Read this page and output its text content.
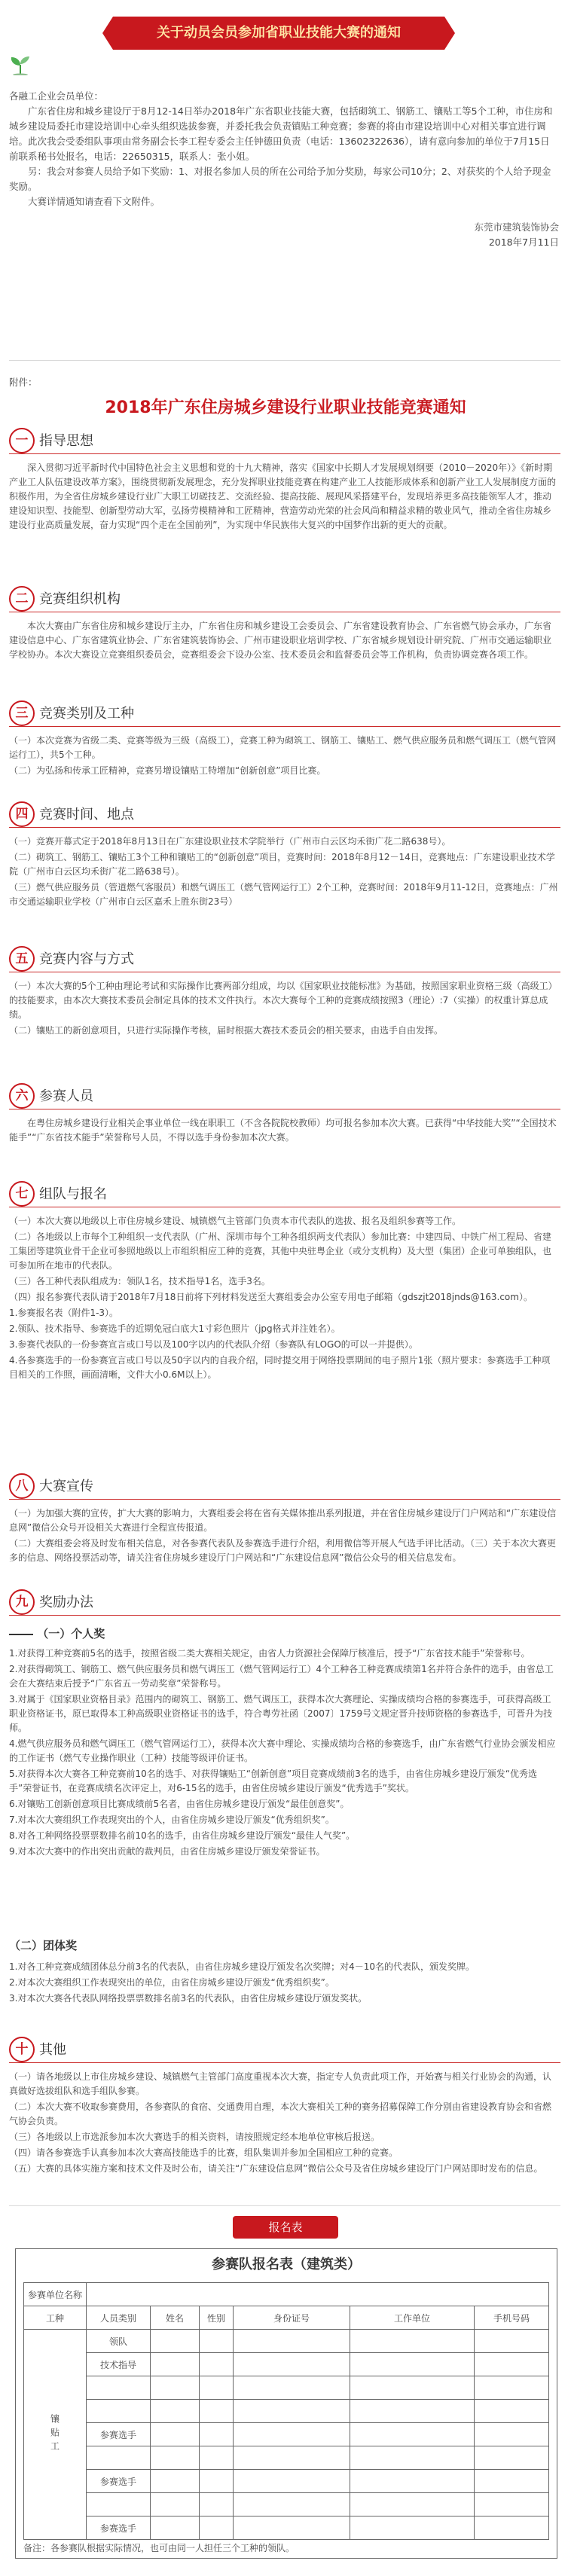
关于动员会员参加省职业技能大赛的通知

各融工企业会员单位：

广东省住房和城乡建设厅于8月12-14日举办2018年广东省职业技能大赛，包括砌筑工、钢筋工、镶贴工等5个工种，市住房和城乡建设局委托市建设培训中心牵头组织选拔参赛，并委托我会负责镇贴工种竞赛；参赛的将由市建设培训中心对相关事宜进行调培。此次我会受委组队事项由常务副会长李工程专委会主任钟德田负责（电话：13602322636），请有意向参加的单位于7月15日前联系秘书处报名，电话：22650315，联系人：张小姐。

另：我会对参赛人员给予如下奖励：1、对报名参加人员的所在公司给予加分奖励，每家公司10分；2、对获奖的个人给予现金奖励。

大赛详情通知请查看下文附件。

东莞市建筑装饰协会

2018年7月11日

附件：
2018年广东住房城乡建设行业职业技能竞赛通知
一 指导思想

深入贯彻习近平新时代中国特色社会主义思想和党的十九大精神，落实《国家中长期人才发展规划纲要（2010－2020年）》《新时期产业工人队伍建设改革方案》，围绕贯彻新发展理念，充分发挥职业技能竞赛在构建产业工人技能形成体系和创新产业工人发展制度方面的积极作用，为全省住房城乡建设行业广大职工切磋技艺、交流经验、提高技能、展现风采搭建平台，发现培养更多高技能领军人才，推动建设知识型、技能型、创新型劳动大军，弘扬劳模精神和工匠精神，营造劳动光荣的社会风尚和精益求精的敬业风气，推动全省住房城乡建设行业高质量发展，奋力实现“四个走在全国前列”，为实现中华民族伟大复兴的中国梦作出新的更大的贡献。

二 竞赛组织机构

本次大赛由广东省住房和城乡建设厅主办，广东省住房和城乡建设工会委员会、广东省建设教育协会、广东省燃气协会承办，广东省建设信息中心、广东省建筑业协会、广东省建筑装饰协会、广州市建设职业培训学校、广东省城乡规划设计研究院、广州市交通运输职业学校协办。本次大赛设立竞赛组织委员会，竞赛组委会下设办公室、技术委员会和监督委员会等工作机构，负责协调竞赛各项工作。

三 竞赛类别及工种

（一）本次竞赛为省级二类、竞赛等级为三级（高级工），竞赛工种为砌筑工、钢筋工、镶贴工、燃气供应服务员和燃气调压工（燃气管网运行工），共5个工种。

（二）为弘扬和传承工匠精神，竞赛另增设镶贴工特增加“创新创意”项目比赛。

四 竞赛时间、地点

（一）竞赛开幕式定于2018年8月13日在广东建设职业技术学院举行（广州市白云区均禾街广花二路638号）。

（二）砌筑工、钢筋工、镶贴工3个工种和镶贴工的“创新创意”项目，竞赛时间：2018年8月12－14日，竞赛地点：广东建设职业技术学院（广州市白云区均禾街广花二路638号）。

（三）燃气供应服务员（管道燃气客服员）和燃气调压工（燃气管网运行工）2个工种，竞赛时间：2018年9月11-12日，竞赛地点：广州市交通运输职业学校（广州市白云区嘉禾上胜东街23号）

五 竞赛内容与方式

（一）本次大赛的5个工种由理论考试和实际操作比赛两部分组成，均以《国家职业技能标准》为基础，按照国家职业资格三级（高级工）的技能要求，由本次大赛技术委员会制定具体的技术文件执行。本次大赛每个工种的竞赛成绩按照3（理论）:7（实操）的权重计算总成绩。

（二）镶贴工的新创意项目，只进行实际操作考核，届时根据大赛技术委员会的相关要求，由选手自由发挥。

六 参赛人员

在粤住房城乡建设行业相关企事业单位一线在职职工（不含各院院校教师）均可报名参加本次大赛。已获得“中华技能大奖”“全国技术能手”“广东省技术能手”荣誉称号人员，不得以选手身份参加本次大赛。

七 组队与报名

（一）本次大赛以地级以上市住房城乡建设、城镇燃气主管部门负责本市代表队的选拔、报名及组织参赛等工作。

（二）各地级以上市每个工种组织一支代表队（广州、深圳市每个工种各组织两支代表队）参加比赛：中建四局、中铁广州工程局、省建工集团等建筑业骨干企业可参照地级以上市组织相应工种的竞赛，其他中央驻粤企业（或分支机构）及大型（集团）企业可单独组队，也可参加所在地市的代表队。

（三）各工种代表队组成为：领队1名，技术指导1名，选手3名。

（四）报名参赛代表队请于2018年7月18日前将下列材料发送至大赛组委会办公室专用电子邮箱（gdszjt2018jnds@163.com）。

1.参赛报名表（附件1-3）。

2.领队、技术指导、参赛选手的近期免冠白底大1寸彩色照片（jpg格式并注姓名）。

3.参赛代表队的一份参赛宣言或口号以及100字以内的代表队介绍（参赛队有LOGO的可以一并提供）。

4.各参赛选手的一份参赛宣言或口号以及50字以内的自我介绍，同时提交用于网络投票期间的电子照片1张（照片要求：参赛选手工种项目相关的工作照，画面清晰，文件大小0.6M以上）。

八 大赛宣传

（一）为加强大赛的宣传，扩大大赛的影响力，大赛组委会将在省有关媒体推出系列报道，并在省住房城乡建设厅门户网站和“广东建设信息网”微信公众号开设相关大赛进行全程宣传报道。

（二）大赛组委会将及时发布相关信息，对各参赛代表队及参赛选手进行介绍，利用微信等开展人气选手评比活动。（三）关于本次大赛更多的信息、网络投票活动等，请关注省住房城乡建设厅门户网站和“广东建设信息网”微信公众号的相关信息发布。

九 奖励办法
（一）个人奖

1.对获得工种竞赛前5名的选手，按照省级二类大赛相关规定，由省人力资源社会保障厅核准后，授予“广东省技术能手”荣誉称号。

2.对获得砌筑工、钢筋工、燃气供应服务员和燃气调压工（燃气管网运行工）4个工种各工种竞赛成绩第1名并符合条件的选手，由省总工会在大赛结束后授予“广东省五一劳动奖章”荣誉称号。

3.对属于《国家职业资格目录》范围内的砌筑工、钢筋工、燃气调压工，获得本次大赛理论、实操成绩均合格的参赛选手，可获得高级工职业资格证书，原已取得本工种高级职业资格证书的选手，符合粤劳社函〔2007〕1759号文规定晋升技师资格的参赛选手，可晋升为技师。

4.燃气供应服务员和燃气调压工（燃气管网运行工），获得本次大赛中理论、实操成绩均合格的参赛选手，由广东省燃气行业协会颁发相应的工作证书（燃气专业操作职业（工种）技能等级评价证书。

5.对获得本次大赛各工种竞赛前10名的选手、对获得镶贴工“创新创意”项目竞赛成绩前3名的选手，由省住房城乡建设厅颁发“优秀选手”荣誉证书，在竞赛成绩名次评定上，对6-15名的选手，由省住房城乡建设厅颁发“优秀选手”奖状。

6.对镶贴工创新创意项目比赛成绩前5名者，由省住房城乡建设厅颁发“最佳创意奖”。

7.对本次大赛组织工作表现突出的个人，由省住房城乡建设厅颁发“优秀组织奖”。

8.对各工种网络投票票数排名前10名的选手，由省住房城乡建设厅颁发“最佳人气奖”。

9.对本次大赛中的作出突出贡献的裁判员，由省住房城乡建设厅颁发荣誉证书。

（二）团体奖

1.对各工种竞赛成绩团体总分前3名的代表队，由省住房城乡建设厅颁发名次奖牌；对4－10名的代表队，颁发奖牌。

2.对本次大赛组织工作表现突出的单位，由省住房城乡建设厅颁发“优秀组织奖”。

3.对本次大赛各代表队网络投票票数排名前3名的代表队，由省住房城乡建设厅颁发奖状。

十 其他

（一）请各地级以上市住房城乡建设、城镇燃气主管部门高度重视本次大赛，指定专人负责此项工作，开始赛与相关行业协会的沟通，认真做好选拔组队和选手组队参赛。

（二）本次大赛不收取参赛费用，各参赛队的食宿、交通费用自理，本次大赛相关工种的赛务招募保障工作分别由省建设教育协会和省燃气协会负责。

（三）各地级以上市选派参加本次大赛选手的相关资料，请按照规定经本地单位审核后报送。

（四）请各参赛选手认真参加本次大赛高技能选手的比赛，组队集训并参加全国相应工种的竞赛。

（五）大赛的具体实施方案和技术文件及时公布，请关注“广东建设信息网”微信公众号及省住房城乡建设厅门户网站即时发布的信息。

报名表
参赛队报名表（建筑类）
参赛单位名称						
工种	人员类别	姓名	性别	身份证号	工作单位	手机号码
镶贴工	领队					
	技术指导					

	参赛选手					

	参赛选手					

	参赛选手					
备注：各参赛队根据实际情况，也可由同一人担任三个工种的领队。
